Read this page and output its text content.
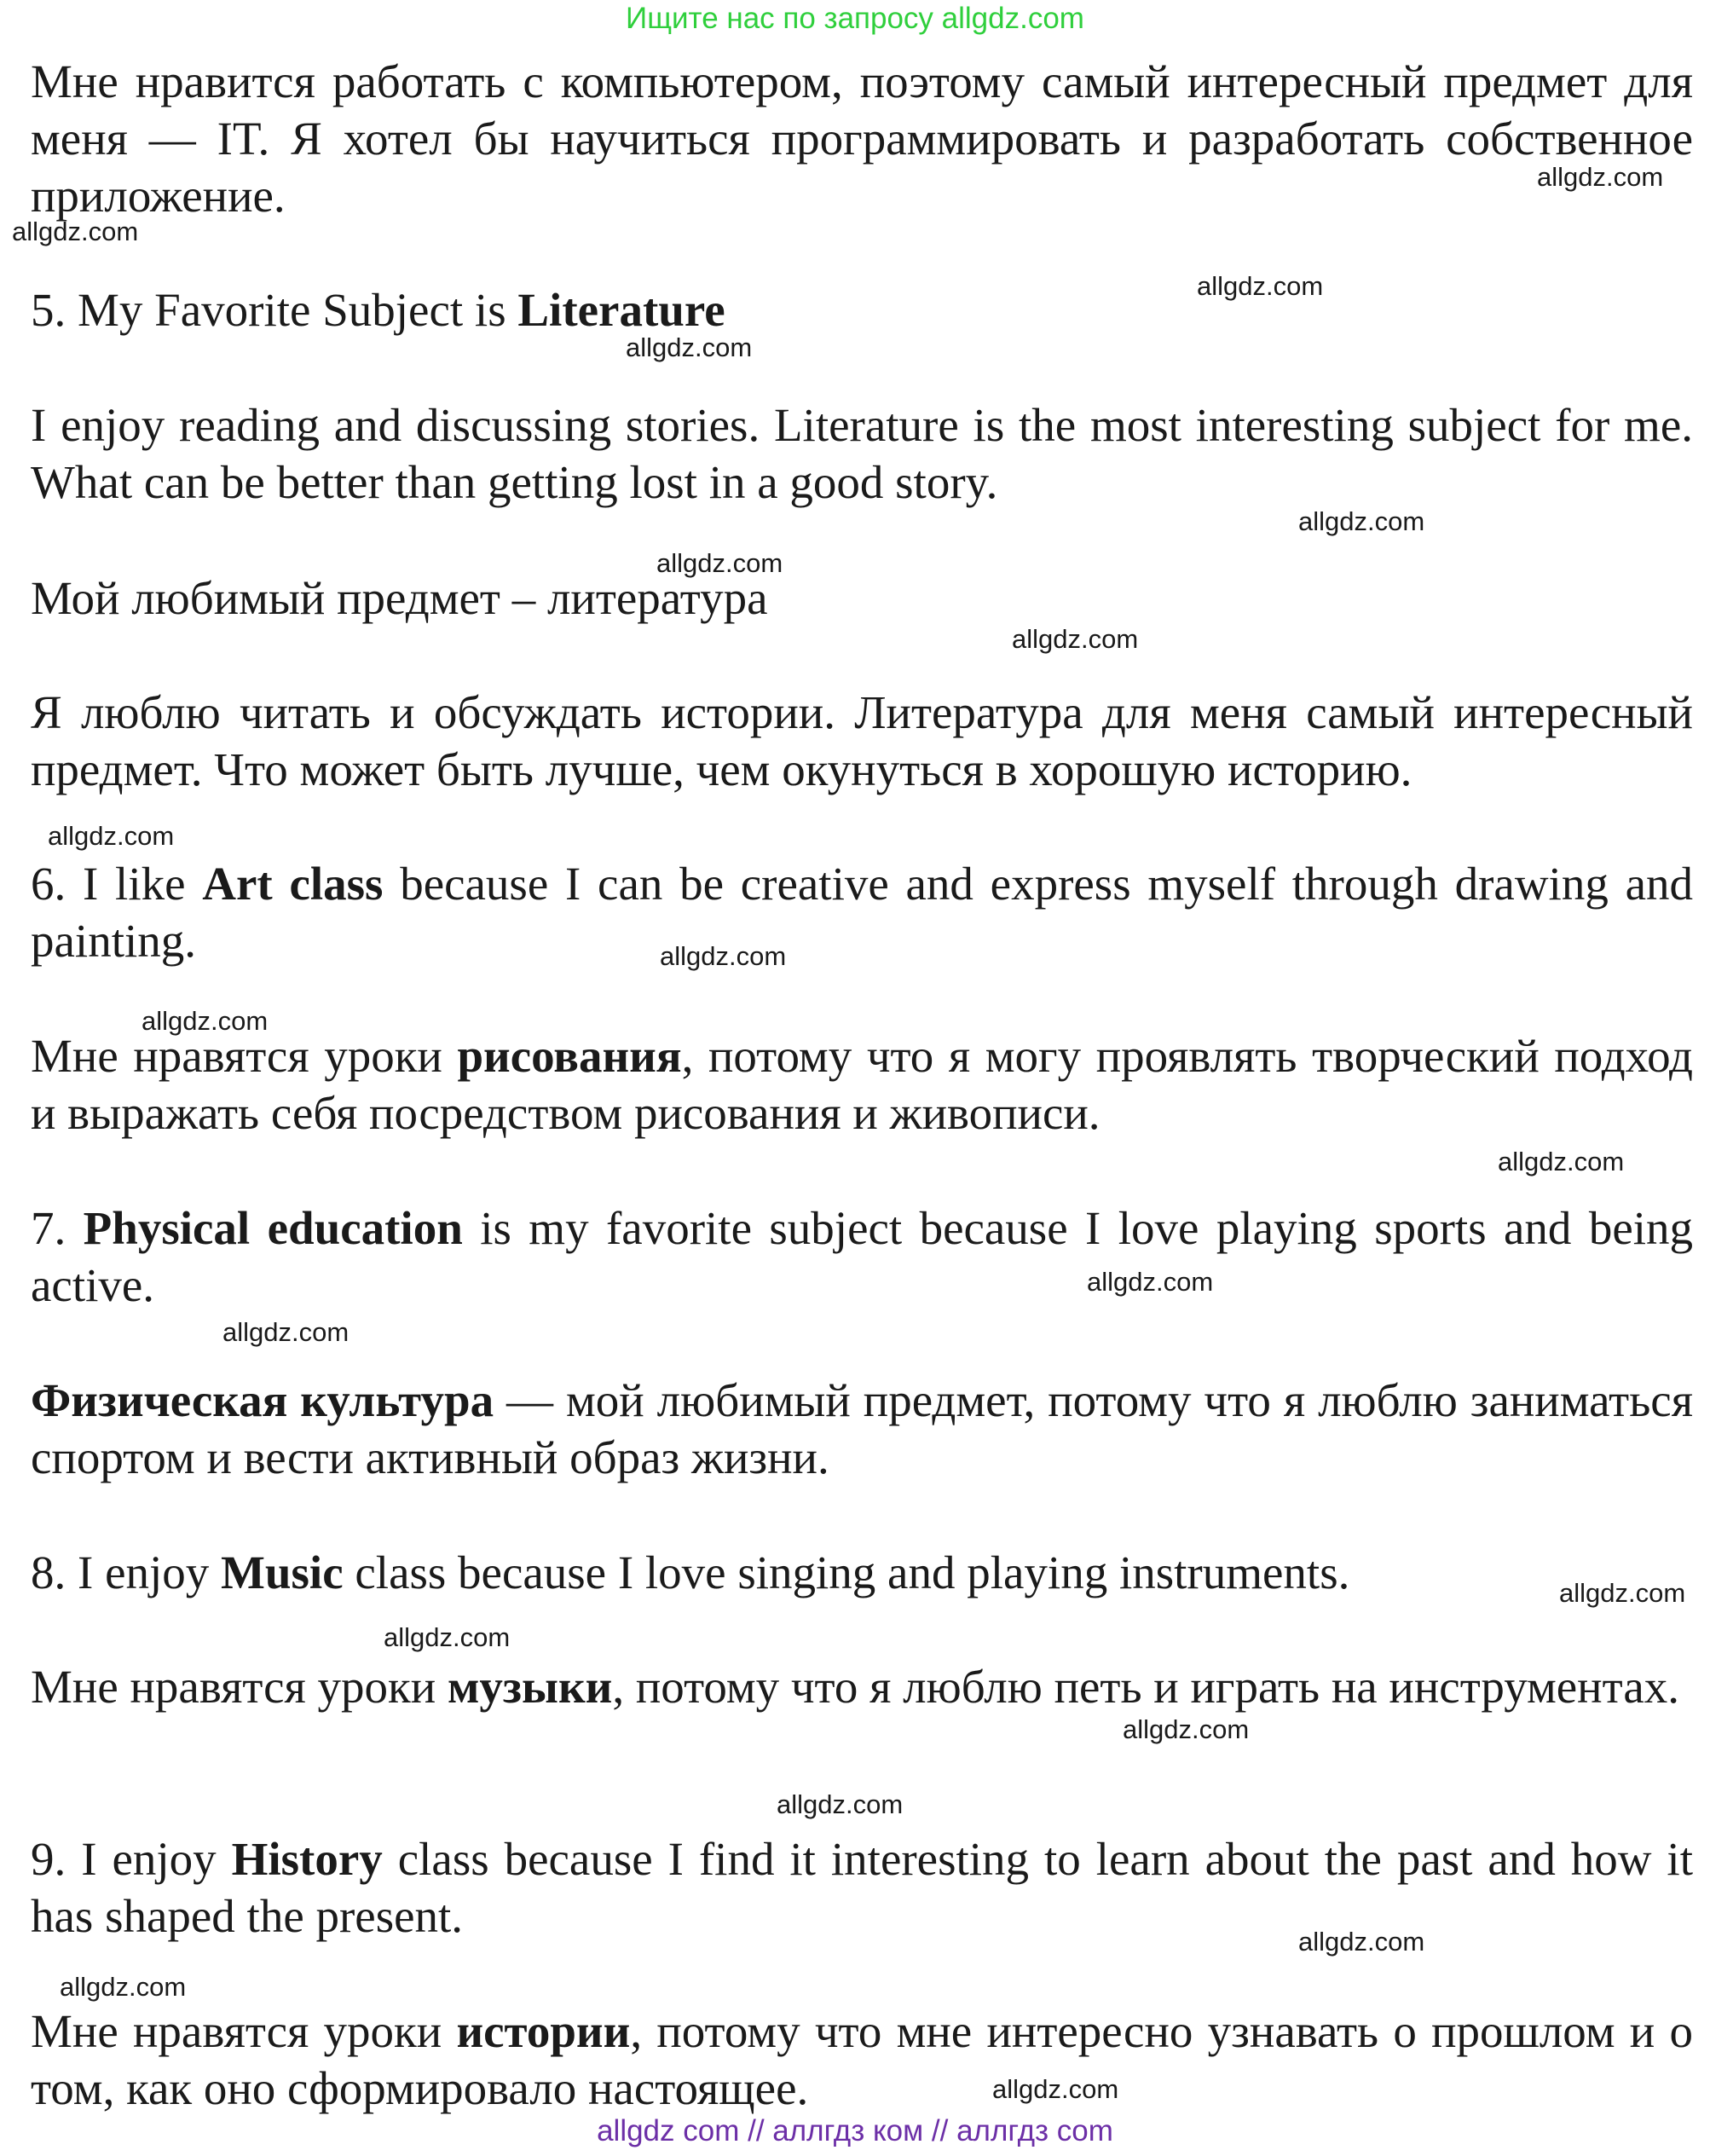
Ищите нас по запросу allgdz.com

Мне нравится работать с компьютером, поэтому самый интересный предмет для меня — IT. Я хотел бы научиться программировать и разработать собственное приложение.

5. My Favorite Subject is Literature

I enjoy reading and discussing stories. Literature is the most interesting subject for me. What can be better than getting lost in a good story.

Мой любимый предмет – литература

Я люблю читать и обсуждать истории. Литература для меня самый интересный предмет. Что может быть лучше, чем окунуться в хорошую историю.

6. I like Art class because I can be creative and express myself through drawing and painting.

Мне нравятся уроки рисования, потому что я могу проявлять творческий подход и выражать себя посредством рисования и живописи.

7. Physical education is my favorite subject because I love playing sports and being active.

Физическая культура — мой любимый предмет, потому что я люблю заниматься спортом и вести активный образ жизни.

8. I enjoy Music class because I love singing and playing instruments.

Мне нравятся уроки музыки, потому что я люблю петь и играть на инструментах.

9. I enjoy History class because I find it interesting to learn about the past and how it has shaped the present.

Мне нравятся уроки истории, потому что мне интересно узнавать о прошлом и о том, как оно сформировало настоящее.

allgdz.com
allgdz.com
allgdz.com
allgdz.com
allgdz.com
allgdz.com
allgdz.com
allgdz.com
allgdz.com
allgdz.com
allgdz.com
allgdz.com
allgdz.com
allgdz.com
allgdz.com
allgdz.com
allgdz.com
allgdz.com
allgdz.com
allgdz.com
allgdz com // аллгдз ком // аллгдз com
